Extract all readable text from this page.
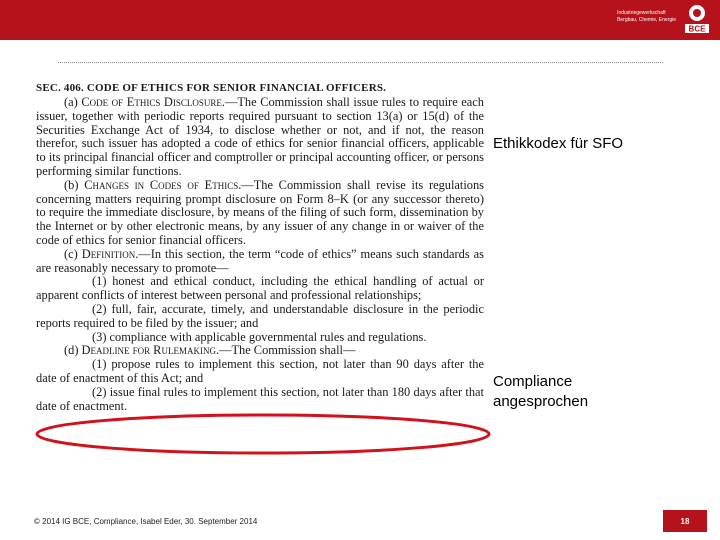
Industriegewerkschaft
Bergbau, Chemie, Energie
BCE
SEC. 406. CODE OF ETHICS FOR SENIOR FINANCIAL OFFICERS.

(a) Code of Ethics Disclosure.—The Commission shall issue rules to require each issuer, together with periodic reports required pursuant to section 13(a) or 15(d) of the Securities Exchange Act of 1934, to disclose whether or not, and if not, the reason therefor, such issuer has adopted a code of ethics for senior financial officers, applicable to its principal financial officer and comptroller or principal accounting officer, or persons performing similar functions.

(b) Changes in Codes of Ethics.—The Commission shall revise its regulations concerning matters requiring prompt disclosure on Form 8–K (or any successor thereto) to require the immediate disclosure, by means of the filing of such form, dissemination by the Internet or by other electronic means, by any issuer of any change in or waiver of the code of ethics for senior financial officers.

(c) Definition.—In this section, the term “code of ethics” means such standards as are reasonably necessary to promote—

(1) honest and ethical conduct, including the ethical handling of actual or apparent conflicts of interest between personal and professional relationships;

(2) full, fair, accurate, timely, and understandable disclosure in the periodic reports required to be filed by the issuer; and

(3) compliance with applicable governmental rules and regulations.

(d) Deadline for Rulemaking.—The Commission shall—

(1) propose rules to implement this section, not later than 90 days after the date of enactment of this Act; and

(2) issue final rules to implement this section, not later than 180 days after that date of enactment.

Ethikkodex für SFO
Compliance angesprochen
© 2014 IG BCE, Compliance, Isabel Eder, 30. September 2014	18
